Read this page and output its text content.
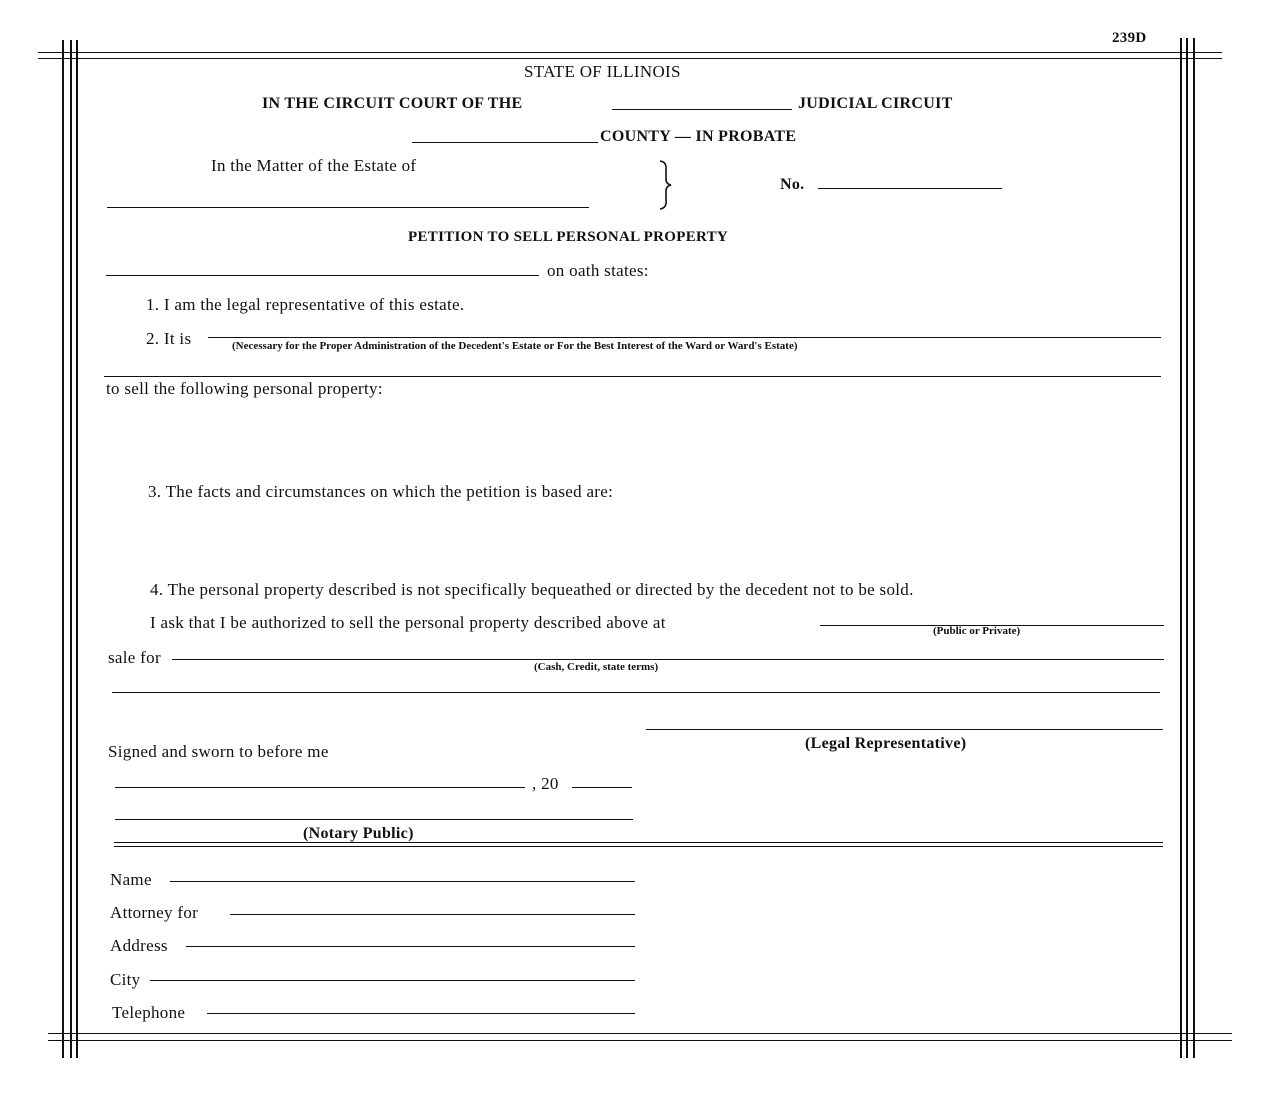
239D
STATE OF ILLINOIS
IN THE CIRCUIT COURT OF THE	JUDICIAL CIRCUIT
COUNTY — IN PROBATE
In the Matter of the Estate of
No.
PETITION TO SELL PERSONAL PROPERTY
on oath states:
1. I am the legal representative of this estate.
2. It is	(Necessary for the Proper Administration of the Decedent's Estate or For the Best Interest of the Ward or Ward's Estate)
to sell the following personal property:
3. The facts and circumstances on which the petition is based are:
4. The personal property described is not specifically bequeathed or directed by the decedent not to be sold.
I ask that I be authorized to sell the personal property described above at	(Public or Private)
sale for	(Cash, Credit, state terms)
(Legal Representative)
Signed and sworn to before me
, 20
(Notary Public)
Name
Attorney for
Address
City
Telephone
